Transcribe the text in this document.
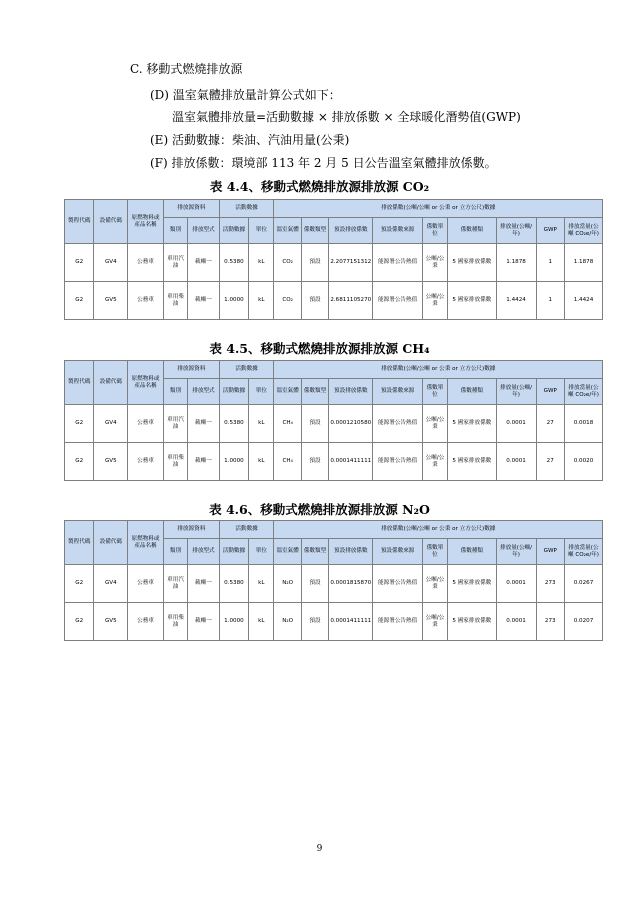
C. 移動式燃燒排放源
(D) 溫室氣體排放量計算公式如下：
溫室氣體排放量=活動數據 × 排放係數 × 全球暖化潛勢值(GWP)
(E) 活動數據：柴油、汽油用量(公秉)
(F) 排放係數：環境部 113 年 2 月 5 日公告溫室氣體排放係數。
表 4.4、移動式燃燒排放源排放源 CO₂
製程代碼	設備代碼	原燃物料或產品名稱	排放源資料		活動數據		排放係數(公噸/公噸 or 公秉 or 立方公尺)數據								
			類別	排放型式	活動數據	單位	溫室氣體	係數類型	預設排放係數	預設係數來源	係數單位	係數種類	排放量(公噸/年)	GWP	排放當量(公噸 CO₂e/年)
G2	GV4	公務車	車用汽油	載噸一	0.5380	kL	CO₂	預設	2.2077151312	能源署公告熱值	公噸/公秉	5 國家排放係數	1.1878	1	1.1878
G2	GV5	公務車	車用柴油	載噸一	1.0000	kL	CO₂	預設	2.6811105270	能源署公告熱值	公噸/公秉	5 國家排放係數	1.4424	1	1.4424
表 4.5、移動式燃燒排放源排放源 CH₄
製程代碼	設備代碼	原燃物料或產品名稱	排放源資料		活動數據		排放係數(公噸/公噸 or 公秉 or 立方公尺)數據								
			類別	排放型式	活動數據	單位	溫室氣體	係數類型	預設排放係數	預設係數來源	係數單位	係數種類	排放量(公噸/年)	GWP	排放當量(公噸 CO₂e/年)
G2	GV4	公務車	車用汽油	載噸一	0.5380	kL	CH₄	預設	0.0001210580	能源署公告熱值	公噸/公秉	5 國家排放係數	0.0001	27	0.0018
G2	GV5	公務車	車用柴油	載噸一	1.0000	kL	CH₄	預設	0.0001411111	能源署公告熱值	公噸/公秉	5 國家排放係數	0.0001	27	0.0020
表 4.6、移動式燃燒排放源排放源 N₂O
製程代碼	設備代碼	原燃物料或產品名稱	排放源資料		活動數據		排放係數(公噸/公噸 or 公秉 or 立方公尺)數據								
			類別	排放型式	活動數據	單位	溫室氣體	係數類型	預設排放係數	預設係數來源	係數單位	係數種類	排放量(公噸/年)	GWP	排放當量(公噸 CO₂e/年)
G2	GV4	公務車	車用汽油	載噸一	0.5380	kL	N₂O	預設	0.0001815870	能源署公告熱值	公噸/公秉	5 國家排放係數	0.0001	273	0.0267
G2	GV5	公務車	車用柴油	載噸一	1.0000	kL	N₂O	預設	0.0001411111	能源署公告熱值	公噸/公秉	5 國家排放係數	0.0001	273	0.0207
9
